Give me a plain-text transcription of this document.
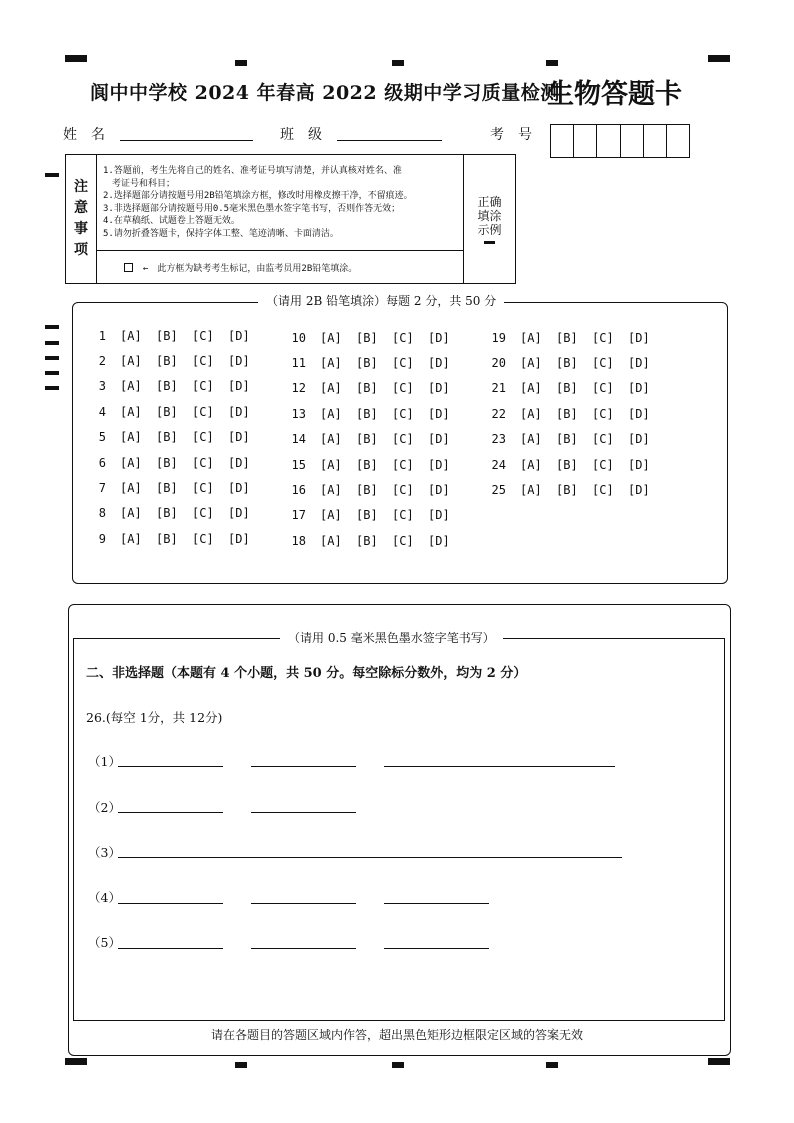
阆中中学校 2024 年春高 2022 级期中学习质量检测
生物答题卡
姓　名	班　级	考　号
注
意
事
项
1.答题前，考生先将自己的姓名、准考证号填写清楚，并认真核对姓名、准
　考证号和科目；
2.选择题部分请按题号用2B铅笔填涂方框，修改时用橡皮擦干净，不留痕迹。
3.非选择题部分请按题号用0.5毫米黑色墨水签字笔书写，否则作答无效；
4.在草稿纸、试题卷上答题无效。
5.请勿折叠答题卡，保持字体工整、笔迹清晰、卡面清洁。
←　此方框为缺考考生标记，由监考员用2B铅笔填涂。
正确
填涂
示例
（请用 2B 铅笔填涂）每题 2 分，共 50 分
1 [A]	[B]	[C]	[D]
2 [A]	[B]	[C]	[D]
3 [A]	[B]	[C]	[D]
4 [A]	[B]	[C]	[D]
5 [A]	[B]	[C]	[D]
6 [A]	[B]	[C]	[D]
7 [A]	[B]	[C]	[D]
8 [A]	[B]	[C]	[D]
9 [A]	[B]	[C]	[D]
10 [A]	[B]	[C]	[D]
11 [A]	[B]	[C]	[D]
12 [A]	[B]	[C]	[D]
13 [A]	[B]	[C]	[D]
14 [A]	[B]	[C]	[D]
15 [A]	[B]	[C]	[D]
16 [A]	[B]	[C]	[D]
17 [A]	[B]	[C]	[D]
18 [A]	[B]	[C]	[D]
19 [A]	[B]	[C]	[D]
20 [A]	[B]	[C]	[D]
21 [A]	[B]	[C]	[D]
22 [A]	[B]	[C]	[D]
23 [A]	[B]	[C]	[D]
24 [A]	[B]	[C]	[D]
25 [A]	[B]	[C]	[D]
（请用 0.5 毫米黑色墨水签字笔书写）
二、非选择题（本题有 4 个小题，共 50 分。每空除标分数外，均为 2 分）
26.(每空 1分，共 12分)
（1）
（2）
（3）
（4）
（5）
请在各题目的答题区域内作答，超出黑色矩形边框限定区域的答案无效
